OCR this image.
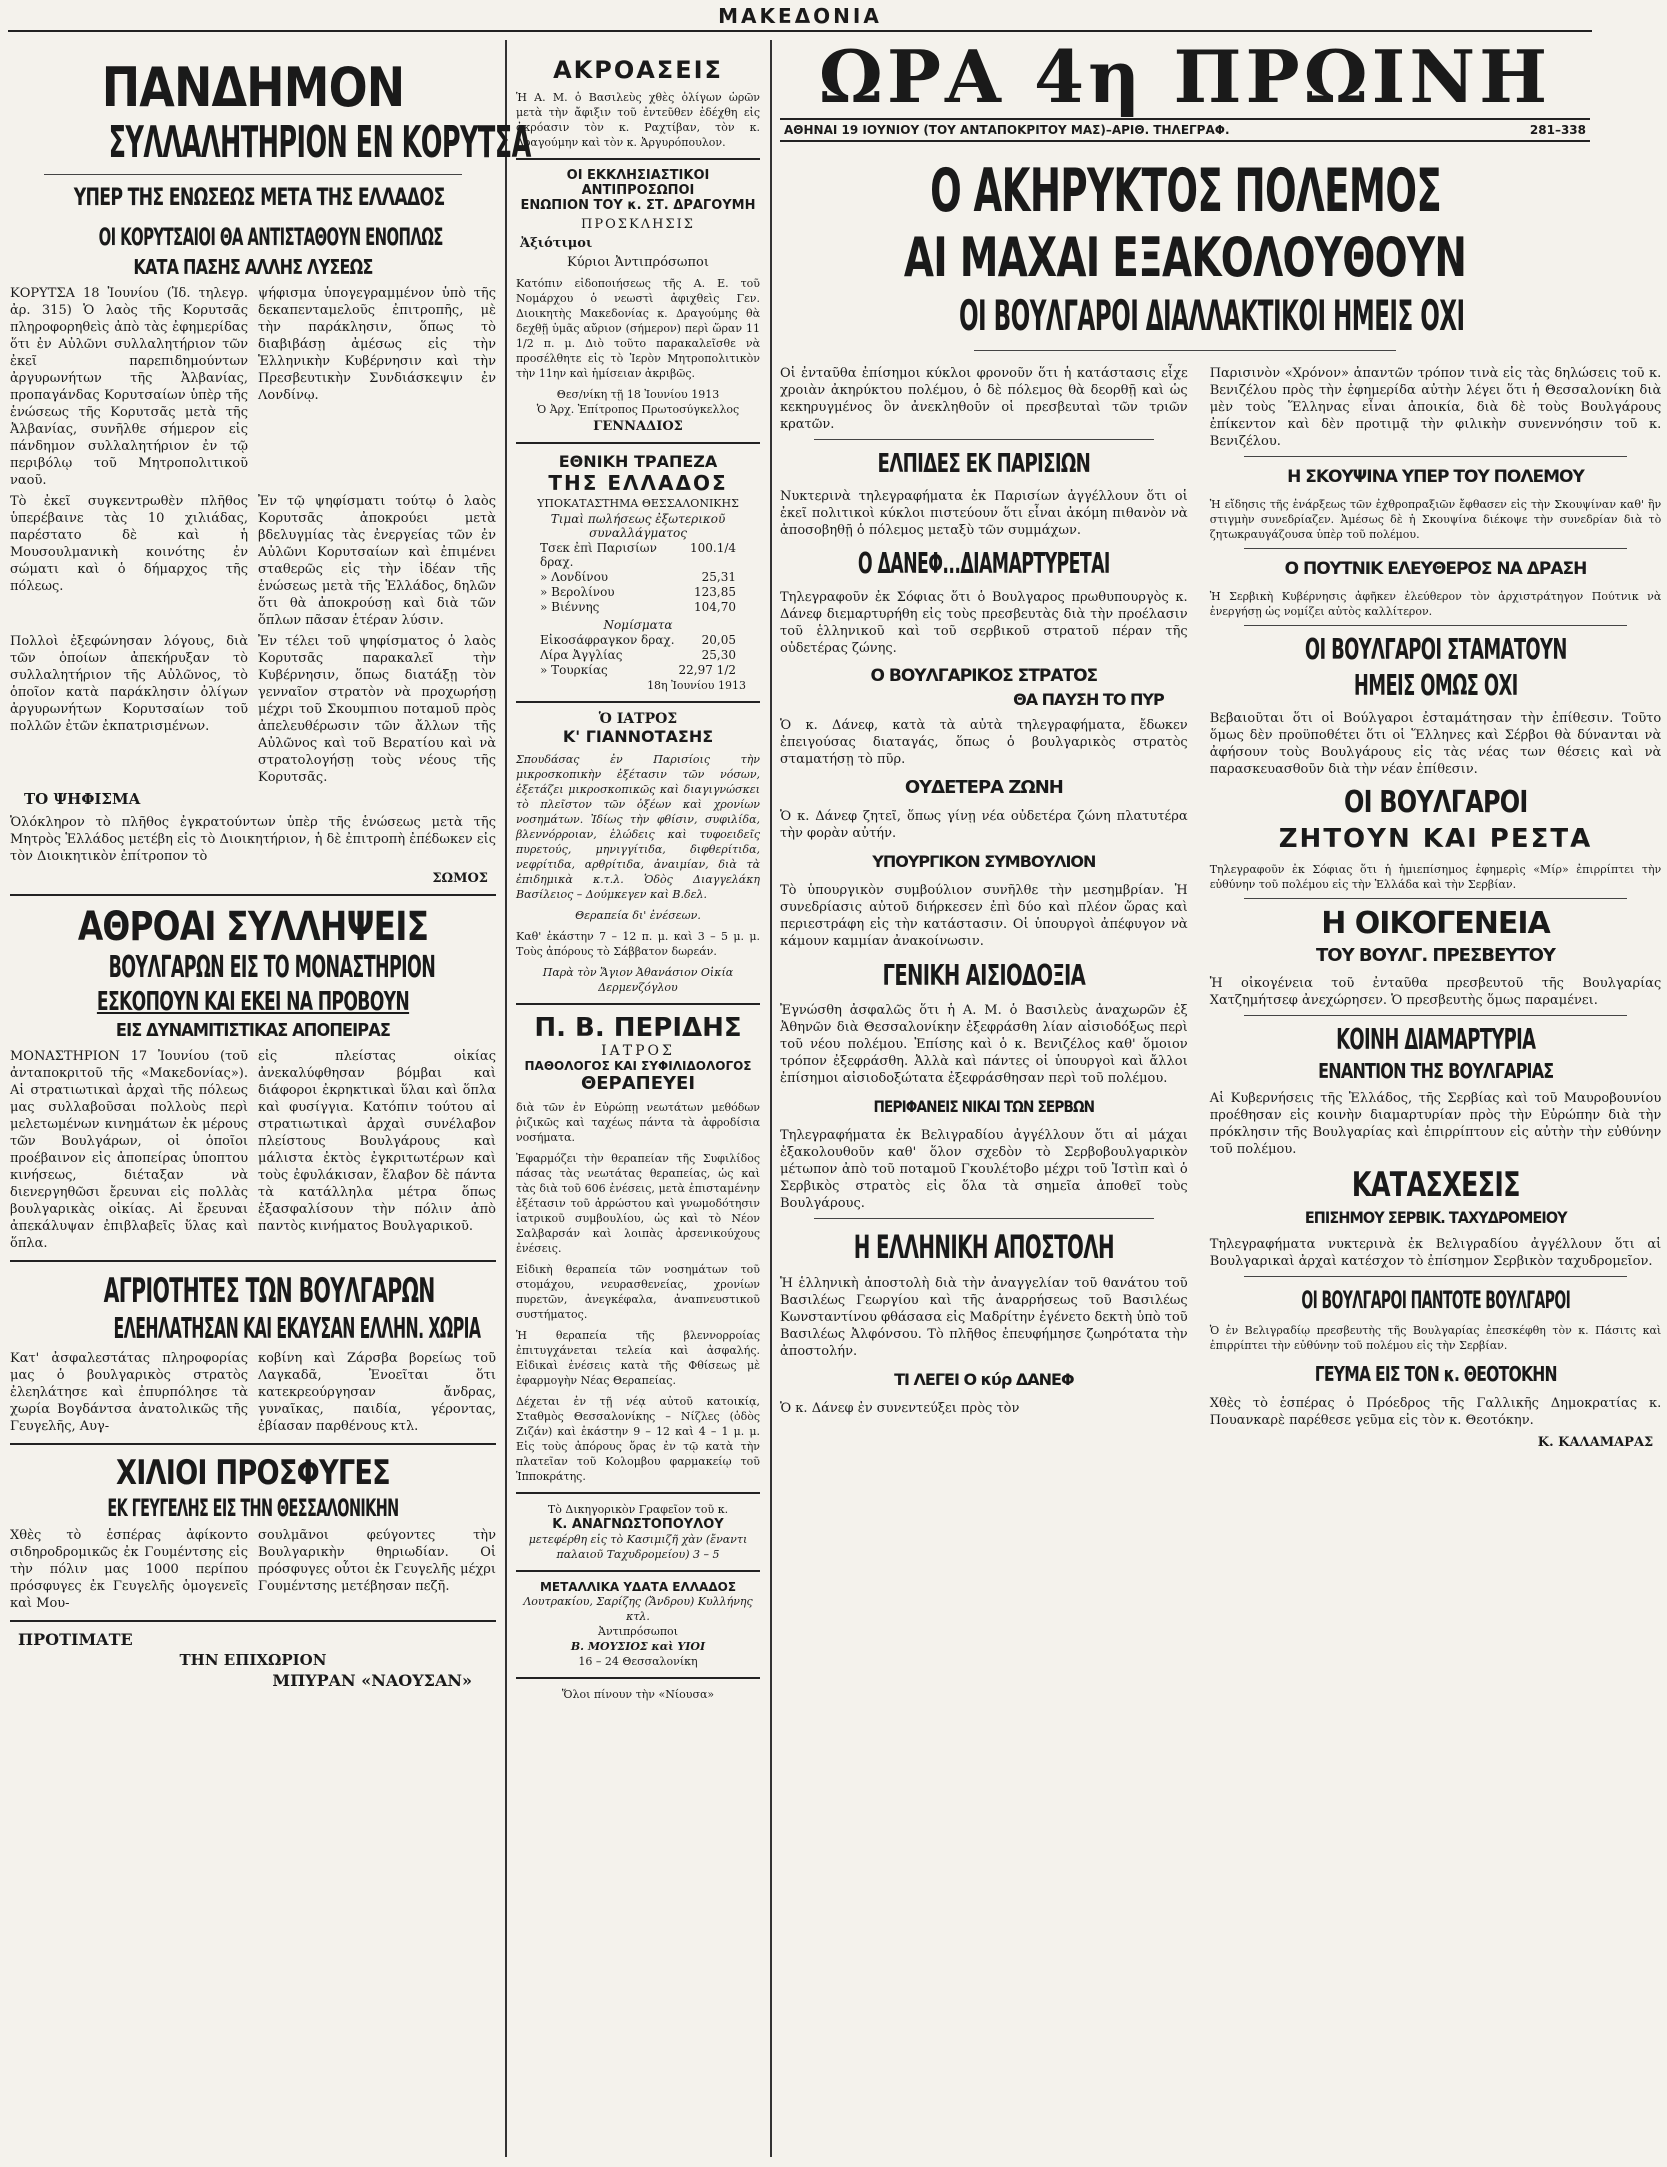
ΜΑΚΕΔΟΝΙΑ
ΠΑΝΔΗΜΟΝ
ΣΥΛΛΑΛΗΤΗΡΙΟΝ ΕΝ ΚΟΡΥΤΣΑ
ΥΠΕΡ ΤΗΣ ΕΝΩΣΕΩΣ ΜΕΤΑ ΤΗΣ ΕΛΛΑΔΟΣ
ΟΙ ΚΟΡΥΤΣΑΙΟΙ ΘΑ ΑΝΤΙΣΤΑΘΟΥΝ ΕΝΟΠΛΩΣ
ΚΑΤΑ ΠΑΣΗΣ ΑΛΛΗΣ ΛΥΣΕΩΣ

ΚΟΡΥΤΣΑ 18 Ἰουνίου (Ἰδ. τηλεγρ. ἀρ. 315) Ὁ λαὸς τῆς Κορυτσᾶς πληροφορηθεὶς ἀπὸ τὰς ἐφημερίδας ὅτι ἐν Αὐλῶνι συλλαλητήριον τῶν ἐκεῖ παρεπιδημούντων ἀργυρωνήτων τῆς Ἀλβανίας, προπαγάνδας Κορυτσαίων ὑπὲρ τῆς ἑνώσεως τῆς Κορυτσᾶς μετὰ τῆς Ἀλβανίας, συνῆλθε σήμερον εἰς πάνδημον συλλαλητήριον ἐν τῷ περιβόλῳ τοῦ Μητροπολιτικοῦ ναοῦ.

ψήφισμα ὑπογεγραμμένον ὑπὸ τῆς δεκαπενταμελοῦς ἐπιτροπῆς, μὲ τὴν παράκλησιν, ὅπως τὸ διαβιβάσῃ ἀμέσως εἰς τὴν Ἑλληνικὴν Κυβέρνησιν καὶ τὴν Πρεσβευτικὴν Συνδιάσκεψιν ἐν Λονδίνῳ.

Τὸ ἐκεῖ συγκεντρωθὲν πλῆθος ὑπερέβαινε τὰς 10 χιλιάδας, παρέστατο δὲ καὶ ἡ Μουσουλμανικὴ κοινότης ἐν σώματι καὶ ὁ δήμαρχος τῆς πόλεως.

Ἐν τῷ ψηφίσματι τούτῳ ὁ λαὸς Κορυτσᾶς ἀποκρούει μετὰ βδελυγμίας τὰς ἐνεργείας τῶν ἐν Αὐλῶνι Κορυτσαίων καὶ ἐπιμένει σταθερῶς εἰς τὴν ἰδέαν τῆς ἑνώσεως μετὰ τῆς Ἑλλάδος, δηλῶν ὅτι θὰ ἀποκρούσῃ καὶ διὰ τῶν ὅπλων πᾶσαν ἑτέραν λύσιν.

Πολλοὶ ἐξεφώνησαν λόγους, διὰ τῶν ὁποίων ἀπεκήρυξαν τὸ συλλαλητήριον τῆς Αὐλῶνος, τὸ ὁποῖον κατὰ παράκλησιν ὀλίγων ἀργυρωνήτων Κορυτσαίων τοῦ πολλῶν ἐτῶν ἐκπατρισμένων.

Ἐν τέλει τοῦ ψηφίσματος ὁ λαὸς Κορυτσᾶς παρακαλεῖ τὴν Κυβέρνησιν, ὅπως διατάξῃ τὸν γενναῖον στρατὸν νὰ προχωρήσῃ μέχρι τοῦ Σκουμπιου ποταμοῦ πρὸς ἀπελευθέρωσιν τῶν ἄλλων τῆς Αὐλῶνος καὶ τοῦ Βερατίου καὶ νὰ στρατολογήσῃ τοὺς νέους τῆς Κορυτσᾶς.

ΤΟ ΨΗΦΙΣΜΑ

Ὁλόκληρον τὸ πλῆθος ἐγκρατούντων ὑπὲρ τῆς ἑνώσεως μετὰ τῆς Μητρὸς Ἑλλάδος μετέβη εἰς τὸ Διοικητήριον, ἡ δὲ ἐπιτροπὴ ἐπέδωκεν εἰς τὸν Διοικητικὸν ἐπίτροπον τὸ

ΣΩΜΟΣ

ΑΘΡΟΑΙ ΣΥΛΛΗΨΕΙΣ
ΒΟΥΛΓΑΡΩΝ ΕΙΣ ΤΟ ΜΟΝΑΣΤΗΡΙΟΝ
ΕΣΚΟΠΟΥΝ ΚΑΙ ΕΚΕΙ ΝΑ ΠΡΟΒΟΥΝ
ΕΙΣ ΔΥΝΑΜΙΤΙΣΤΙΚΑΣ ΑΠΟΠΕΙΡΑΣ

ΜΟΝΑΣΤΗΡΙΟΝ 17 Ἰουνίου (τοῦ ἀνταποκριτοῦ τῆς «Μακεδονίας»). Αἱ στρατιωτικαὶ ἀρχαὶ τῆς πόλεως μας συλλαβοῦσαι πολλοὺς περὶ μελετωμένων κινημάτων ἐκ μέρους τῶν Βουλγάρων, οἱ ὁποῖοι προέβαινον εἰς ἀποπείρας ὑποπτου κινήσεως, διέταξαν νὰ διενεργηθῶσι ἔρευναι εἰς πολλὰς βουλγαρικὰς οἰκίας. Αἱ ἔρευναι ἀπεκάλυψαν ἐπιβλαβεῖς ὕλας καὶ ὅπλα.

εἰς πλείστας οἰκίας ἀνεκαλύφθησαν βόμβαι καὶ διάφοροι ἐκρηκτικαὶ ὕλαι καὶ ὅπλα καὶ φυσίγγια. Κατόπιν τούτου αἱ στρατιωτικαὶ ἀρχαὶ συνέλαβον πλείστους Βουλγάρους καὶ μάλιστα ἐκτὸς ἐγκριτωτέρων καὶ τοὺς ἐφυλάκισαν, ἔλαβον δὲ πάντα τὰ κατάλληλα μέτρα ὅπως ἐξασφαλίσουν τὴν πόλιν ἀπὸ παντὸς κινήματος Βουλγαρικοῦ.

ΑΓΡΙΟΤΗΤΕΣ ΤΩΝ ΒΟΥΛΓΑΡΩΝ
ΕΛΕΗΛΑΤΗΣΑΝ ΚΑΙ ΕΚΑΥΣΑΝ ΕΛΛΗΝ. ΧΩΡΙΑ

Κατ' ἀσφαλεστάτας πληροφορίας μας ὁ βουλγαρικὸς στρατὸς ἐλεηλάτησε καὶ ἐπυρπόλησε τὰ χωρία Βογδάντσα ἀνατολικῶς τῆς Γευγελῆς, Αυγ-

κοβίνη καὶ Ζάρσβα βορείως τοῦ Λαγκαδᾶ, Ἐνοεῖται ὅτι κατεκρεούργησαν ἄνδρας, γυναῖκας, παιδία, γέροντας, ἐβίασαν παρθένους κτλ.

ΧΙΛΙΟΙ ΠΡΟΣΦΥΓΕΣ
ΕΚ ΓΕΥΓΕΛΗΣ ΕΙΣ ΤΗΝ ΘΕΣΣΑΛΟΝΙΚΗΝ

Χθὲς τὸ ἑσπέρας ἀφίκοντο σιδηροδρομικῶς ἐκ Γουμέντσης εἰς τὴν πόλιν μας 1000 περίπου πρόσφυγες ἐκ Γευγελῆς ὁμογενεῖς καὶ Μου-

σουλμᾶνοι φεύγοντες τὴν Βουλγαρικὴν θηριωδίαν. Οἱ πρόσφυγες οὗτοι ἐκ Γευγελῆς μέχρι Γουμέντσης μετέβησαν πεζῆ.

ΠΡΟΤΙΜΑΤΕ

ΤΗΝ ΕΠΙΧΩΡΙΟΝ

ΜΠΥΡΑΝ «ΝΑΟΥΣΑΝ»

ΑΚΡΟΑΣΕΙΣ

Ἡ Α. Μ. ὁ Βασιλεὺς χθὲς ὀλίγων ὡρῶν μετὰ τὴν ἄφιξιν τοῦ ἐντεῦθεν ἐδέχθη εἰς ἀκρόασιν τὸν κ. Ραχτίβαν, τὸν κ. Δραγούμην καὶ τὸν κ. Ἀργυρόπουλον.

ΟΙ ΕΚΚΛΗΣΙΑΣΤΙΚΟΙ ΑΝΤΙΠΡΟΣΩΠΟΙ

ΕΝΩΠΙΟΝ ΤΟΥ κ. ΣΤ. ΔΡΑΓΟΥΜΗ

ΠΡΟΣΚΛΗΣΙΣ

Ἀξιότιμοι

Κύριοι Ἀντιπρόσωποι

Κατόπιν εἰδοποιήσεως τῆς Α. Ε. τοῦ Νομάρχου ὁ νεωστὶ ἀφιχθεὶς Γεν. Διοικητὴς Μακεδονίας κ. Δραγούμης θὰ δεχθῇ ὑμᾶς αὔριον (σήμερον) περὶ ὥραν 11 1/2 π. μ. Διὸ τοῦτο παρακαλεῖσθε νὰ προσέλθητε εἰς τὸ Ἱερὸν Μητροπολιτικὸν τὴν 11ην καὶ ἡμίσειαν ἀκριβῶς.

Θεσ/νίκη τῇ 18 Ἰουνίου 1913

Ὁ Ἀρχ. Ἐπίτροπος Πρωτοσύγκελλος

ΓΕΝΝΑΔΙΟΣ

ΕΘΝΙΚΗ ΤΡΑΠΕΖΑ

ΤΗΣ ΕΛΛΑΔΟΣ

ΥΠΟΚΑΤΑΣΤΗΜΑ ΘΕΣΣΑΛΟΝΙΚΗΣ

Τιμαὶ πωλήσεως ἐξωτερικοῦ συναλλάγματος

Τσεκ ἐπὶ Παρισίων δραχ.
100.1/4
» Λονδίνου	25,31
» Βερολίνου	123,85
» Βιέννης	104,70

Νομίσματα

Εἰκοσάφραγκον δραχ. 20,05
Λίρα Ἀγγλίας	25,30
» Τουρκίας	22,97 1/2

18η Ἰουνίου 1913

Ὁ ΙΑΤΡΟΣ

Κ' ΓΙΑΝΝΟΤΑΣΗΣ

Σπουδάσας ἐν Παρισίοις τὴν μικροσκοπικὴν ἐξέτασιν τῶν νόσων, ἐξετάζει μικροσκοπικῶς καὶ διαγιγνώσκει τὸ πλεῖστον τῶν ὀξέων καὶ χρονίων νοσημάτων. Ἰδίως τὴν φθίσιν, συφιλίδα, βλεννόρροιαν, ἑλώδεις καὶ τυφοειδεῖς πυρετούς, μηνιγγίτιδα, διφθερίτιδα, νεφρίτιδα, αρθρίτιδα, ἀναιμίαν, διὰ τὰ ἐπιδημικὰ κ.τ.λ. Ὁδὸς Διαγγελάκη Βασίλειος – Δούμκεγεν καὶ Β.δελ.

Θεραπεία δι' ἐνέσεων.

Καθ' ἑκάστην 7 – 12 π. μ. καὶ 3 – 5 μ. μ. Τοὺς ἀπόρους τὸ Σάββατον δωρεάν.

Παρὰ τὸν Ἅγιον Ἀθανάσιον Οἰκία Δερμενζόγλου

Π. Β. ΠΕΡΙΔΗΣ

ΙΑΤΡΟΣ

ΠΑΘΟΛΟΓΟΣ ΚΑΙ ΣΥΦΙΛΙΔΟΛΟΓΟΣ

ΘΕΡΑΠΕΥΕΙ

διὰ τῶν ἐν Εὐρώπῃ νεωτάτων μεθόδων ῥιζικῶς καὶ ταχέως πάντα τὰ ἀφροδίσια νοσήματα.

Ἐφαρμόζει τὴν θεραπείαν τῆς Συφιλίδος πάσας τὰς νεωτάτας θεραπείας, ὡς καὶ τὰς διὰ τοῦ 606 ἐνέσεις, μετὰ ἐπισταμένην ἐξέτασιν τοῦ ἀρρώστου καὶ γνωμοδότησιν ἰατρικοῦ συμβουλίου, ὡς καὶ τὸ Νέον Σαλβαρσάν καὶ λοιπὰς ἀρσενικούχους ἐνέσεις.

Εἰδικὴ θεραπεία τῶν νοσημάτων τοῦ στομάχου, νευρασθενείας, χρονίων πυρετῶν, ἀνεγκέφαλα, ἀναπνευστικοῦ συστήματος.

Ἡ θεραπεία τῆς βλεννορροίας ἐπιτυγχάνεται τελεία καὶ ἀσφαλής. Εἰδικαὶ ἐνέσεις κατὰ τῆς Φθίσεως μὲ ἐφαρμογὴν Νέας Θεραπείας.

Δέχεται ἐν τῇ νέᾳ αὐτοῦ κατοικίᾳ, Σταθμὸς Θεσσαλονίκης – Νίζλες (ὁδὸς Ζιζάν) καὶ ἑκάστην 9 – 12 καὶ 4 – 1 μ. μ. Εἰς τοὺς ἀπόρους ὅρας ἐν τῷ κατὰ τὴν πλατεῖαν τοῦ Κολομβου φαρμακείῳ τοῦ Ἱπποκράτης.

Τὸ Δικηγορικὸν Γραφεῖον τοῦ κ.

Κ. ΑΝΑΓΝΩΣΤΟΠΟΥΛΟΥ

μετεφέρθη εἰς τὸ Κασιμιζῆ χὰν (ἔναντι παλαιοῦ Ταχυδρομείου) 3 – 5

ΜΕΤΑΛΛΙΚΑ ΥΔΑΤΑ ΕΛΛΑΔΟΣ

Λουτρακίου, Σαρίζης (Ἄνδρου) Κυλλήνης κτλ.

Ἀντιπρόσωποι

Β. ΜΟΥΣΙΟΣ καὶ ΥΙΟΙ

16 – 24 Θεσσαλονίκη

Ὅλοι πίνουν τὴν «Νίουσα»

ΩΡΑ 4η ΠΡΩΙΝΗ
ΑΘΗΝΑΙ 19 ΙΟΥΝΙΟΥ (ΤΟΥ ΑΝΤΑΠΟΚΡΙΤΟΥ ΜΑΣ)–ΑΡΙΘ. ΤΗΛΕΓΡΑΦ.	281–338
Ο ΑΚΗΡΥΚΤΟΣ ΠΟΛΕΜΟΣ
ΑΙ ΜΑΧΑΙ ΕΞΑΚΟΛΟΥΘΟΥΝ
ΟΙ ΒΟΥΛΓΑΡΟΙ ΔΙΑΛΛΑΚΤΙΚΟΙ ΗΜΕΙΣ ΟΧΙ

Οἱ ἐνταῦθα ἐπίσημοι κύκλοι φρονοῦν ὅτι ἡ κατάστασις εἶχε χροιὰν ἀκηρύκτου πολέμου, ὁ δὲ πόλεμος θὰ δεορθῇ καὶ ὡς κεκηρυγμένος ὃν ἀνεκληθοῦν οἱ πρεσβευταὶ τῶν τριῶν κρατῶν.

ΕΛΠΙΔΕΣ ΕΚ ΠΑΡΙΣΙΩΝ

Νυκτερινὰ τηλεγραφήματα ἐκ Παρισίων ἀγγέλλουν ὅτι οἱ ἐκεῖ πολιτικοὶ κύκλοι πιστεύουν ὅτι εἶναι ἀκόμη πιθανὸν νὰ ἀποσοβηθῇ ὁ πόλεμος μεταξὺ τῶν συμμάχων.

Ο ΔΑΝΕΦ...ΔΙΑΜΑΡΤΥΡΕΤΑΙ

Τηλεγραφοῦν ἐκ Σόφιας ὅτι ὁ Βουλγαρος πρωθυπουργὸς κ. Δάνεφ διεμαρτυρήθη εἰς τοὺς πρεσβευτὰς διὰ τὴν προέλασιν τοῦ ἑλληνικοῦ καὶ τοῦ σερβικοῦ στρατοῦ πέραν τῆς οὐδετέρας ζώνης.

Ο ΒΟΥΛΓΑΡΙΚΟΣ ΣΤΡΑΤΟΣ
ΘΑ ΠΑΥΣΗ ΤΟ ΠΥΡ

Ὁ κ. Δάνεφ, κατὰ τὰ αὐτὰ τηλεγραφήματα, ἔδωκεν ἐπειγούσας διαταγάς, ὅπως ὁ βουλγαρικὸς στρατὸς σταματήσῃ τὸ πῦρ.

ΟΥΔΕΤΕΡΑ ΖΩΝΗ

Ὁ κ. Δάνεφ ζητεῖ, ὅπως γίνῃ νέα οὐδετέρα ζώνη πλατυτέρα τὴν φορὰν αὐτήν.

ΥΠΟΥΡΓΙΚΟΝ ΣΥΜΒΟΥΛΙΟΝ

Τὸ ὑπουργικὸν συμβούλιον συνῆλθε τὴν μεσημβρίαν. Ἡ συνεδρίασις αὐτοῦ διήρκεσεν ἐπὶ δύο καὶ πλέον ὥρας καὶ περιεστράφη εἰς τὴν κατάστασιν. Οἱ ὑπουργοὶ ἀπέφυγον νὰ κάμουν καμμίαν ἀνακοίνωσιν.

ΓΕΝΙΚΗ ΑΙΣΙΟΔΟΞΙΑ

Ἐγνώσθη ἀσφαλῶς ὅτι ἡ Α. Μ. ὁ Βασιλεὺς ἀναχωρῶν ἐξ Ἀθηνῶν διὰ Θεσσαλονίκην ἐξεφράσθη λίαν αἰσιοδόξως περὶ τοῦ νέου πολέμου. Ἐπίσης καὶ ὁ κ. Βενιζέλος καθ' ὅμοιον τρόπον ἐξεφράσθη. Ἀλλὰ καὶ πάντες οἱ ὑπουργοὶ καὶ ἄλλοι ἐπίσημοι αἰσιοδοξώτατα ἐξεφράσθησαν περὶ τοῦ πολέμου.

ΠΕΡΙΦΑΝΕΙΣ ΝΙΚΑΙ ΤΩΝ ΣΕΡΒΩΝ

Τηλεγραφήματα ἐκ Βελιγραδίου ἀγγέλλουν ὅτι αἱ μάχαι ἐξακολουθοῦν καθ' ὅλον σχεδὸν τὸ Σερβοβουλγαρικὸν μέτωπον ἀπὸ τοῦ ποταμοῦ Γκουλέτοβο μέχρι τοῦ Ἰστὶπ καὶ ὁ Σερβικὸς στρατὸς εἰς ὅλα τὰ σημεῖα ἀποθεῖ τοὺς Βουλγάρους.

Η ΕΛΛΗΝΙΚΗ ΑΠΟΣΤΟΛΗ

Ἡ ἑλληνικὴ ἀποστολὴ διὰ τὴν ἀναγγελίαν τοῦ θανάτου τοῦ Βασιλέως Γεωργίου καὶ τῆς ἀναρρήσεως τοῦ Βασιλέως Κωνσταντίνου φθάσασα εἰς Μαδρίτην ἐγένετο δεκτὴ ὑπὸ τοῦ Βασιλέως Ἀλφόνσου. Τὸ πλῆθος ἐπευφήμησε ζωηρότατα τὴν ἀποστολήν.

ΤΙ ΛΕΓΕΙ Ο κύρ ΔΑΝΕΦ

Ὁ κ. Δάνεφ ἐν συνεντεύξει πρὸς τὸν

Παρισινὸν «Χρόνον» ἀπαντῶν τρόπον τινὰ εἰς τὰς δηλώσεις τοῦ κ. Βενιζέλου πρὸς τὴν ἐφημερίδα αὐτὴν λέγει ὅτι ἡ Θεσσαλονίκη διὰ μὲν τοὺς Ἕλληνας εἶναι ἀποικία, διὰ δὲ τοὺς Βουλγάρους ἐπίκεντον καὶ δὲν προτιμᾷ τὴν φιλικὴν συνεννόησιν τοῦ κ. Βενιζέλου.

Η ΣΚΟΥΨΙΝΑ ΥΠΕΡ ΤΟΥ ΠΟΛΕΜΟΥ

Ἡ εἴδησις τῆς ἐνάρξεως τῶν ἐχθροπραξιῶν ἔφθασεν εἰς τὴν Σκουψίναν καθ' ἣν στιγμὴν συνεδρίαζεν. Ἀμέσως δὲ ἡ Σκουψίνα διέκοψε τὴν συνεδρίαν διὰ τὸ ζητωκραυγάζουσα ὑπὲρ τοῦ πολέμου.

Ο ΠΟΥΤΝΙΚ ΕΛΕΥΘΕΡΟΣ ΝΑ ΔΡΑΣΗ

Ἡ Σερβικὴ Κυβέρνησις ἀφῆκεν ἐλεύθερον τὸν ἀρχιστράτηγον Πούτνικ νὰ ἐνεργήσῃ ὡς νομίζει αὐτὸς καλλίτερον.

ΟΙ ΒΟΥΛΓΑΡΟΙ ΣΤΑΜΑΤΟΥΝ
ΗΜΕΙΣ ΟΜΩΣ ΟΧΙ

Βεβαιοῦται ὅτι οἱ Βούλγαροι ἐσταμάτησαν τὴν ἐπίθεσιν. Τοῦτο ὅμως δὲν προϋποθέτει ὅτι οἱ Ἕλληνες καὶ Σέρβοι θὰ δύνανται νὰ ἀφήσουν τοὺς Βουλγάρους εἰς τὰς νέας των θέσεις καὶ νὰ παρασκευασθοῦν διὰ τὴν νέαν ἐπίθεσιν.

ΟΙ ΒΟΥΛΓΑΡΟΙ
ΖΗΤΟΥΝ ΚΑΙ ΡΕΣΤΑ

Τηλεγραφοῦν ἐκ Σόφιας ὅτι ἡ ἡμιεπίσημος ἐφημερὶς «Μίρ» ἐπιρρίπτει τὴν εὐθύνην τοῦ πολέμου εἰς τὴν Ἑλλάδα καὶ τὴν Σερβίαν.

Η ΟΙΚΟΓΕΝΕΙΑ
ΤΟΥ ΒΟΥΛΓ. ΠΡΕΣΒΕΥΤΟΥ

Ἡ οἰκογένεια τοῦ ἐνταῦθα πρεσβευτοῦ τῆς Βουλγαρίας Χατζημήτσεφ ἀνεχώρησεν. Ὁ πρεσβευτὴς ὅμως παραμένει.

ΚΟΙΝΗ ΔΙΑΜΑΡΤΥΡΙΑ
ΕΝΑΝΤΙΟΝ ΤΗΣ ΒΟΥΛΓΑΡΙΑΣ

Αἱ Κυβερνήσεις τῆς Ἑλλάδος, τῆς Σερβίας καὶ τοῦ Μαυροβουνίου προέθησαν εἰς κοινὴν διαμαρτυρίαν πρὸς τὴν Εὐρώπην διὰ τὴν πρόκλησιν τῆς Βουλγαρίας καὶ ἐπιρρίπτουν εἰς αὐτὴν τὴν εὐθύνην τοῦ πολέμου.

ΚΑΤΑΣΧΕΣΙΣ
ΕΠΙΣΗΜΟΥ ΣΕΡΒΙΚ. ΤΑΧΥΔΡΟΜΕΙΟΥ

Τηλεγραφήματα νυκτερινὰ ἐκ Βελιγραδίου ἀγγέλλουν ὅτι αἱ Βουλγαρικαὶ ἀρχαὶ κατέσχον τὸ ἐπίσημον Σερβικὸν ταχυδρομεῖον.

ΟΙ ΒΟΥΛΓΑΡΟΙ ΠΑΝΤΟΤΕ ΒΟΥΛΓΑΡΟΙ

Ὁ ἐν Βελιγραδίῳ πρεσβευτὴς τῆς Βουλγαρίας ἐπεσκέφθη τὸν κ. Πάσιτς καὶ ἐπιρρίπτει τὴν εὐθύνην τοῦ πολέμου εἰς τὴν Σερβίαν.

ΓΕΥΜΑ ΕΙΣ ΤΟΝ κ. ΘΕΟΤΟΚΗΝ

Χθὲς τὸ ἑσπέρας ὁ Πρόεδρος τῆς Γαλλικῆς Δημοκρατίας κ. Πουανκαρὲ παρέθεσε γεῦμα εἰς τὸν κ. Θεοτόκην.

Κ. ΚΑΛΑΜΑΡΑΣ
